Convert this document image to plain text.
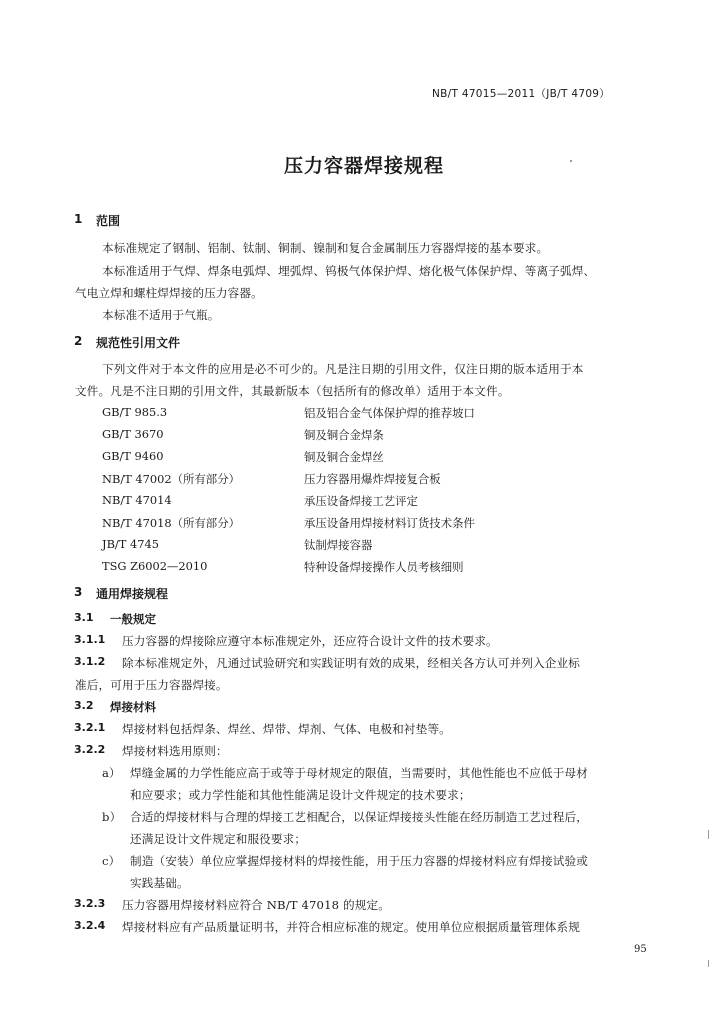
NB/T 47015—2011（JB/T 4709）
压力容器焊接规程
1 范围
本标准规定了钢制、铝制、钛制、铜制、镍制和复合金属制压力容器焊接的基本要求。
本标准适用于气焊、焊条电弧焊、埋弧焊、钨极气体保护焊、熔化极气体保护焊、等离子弧焊、
气电立焊和螺柱焊焊接的压力容器。
本标准不适用于气瓶。
2 规范性引用文件
下列文件对于本文件的应用是必不可少的。凡是注日期的引用文件，仅注日期的版本适用于本
文件。凡是不注日期的引用文件，其最新版本（包括所有的修改单）适用于本文件。
GB/T 985.3	铝及铝合金气体保护焊的推荐坡口
GB/T 3670	铜及铜合金焊条
GB/T 9460	铜及铜合金焊丝
NB/T 47002（所有部分）	压力容器用爆炸焊接复合板
NB/T 47014	承压设备焊接工艺评定
NB/T 47018（所有部分）	承压设备用焊接材料订货技术条件
JB/T 4745	钛制焊接容器
TSG Z6002—2010	特种设备焊接操作人员考核细则
3 通用焊接规程
3.1 一般规定
3.1.1 压力容器的焊接除应遵守本标准规定外，还应符合设计文件的技术要求。
3.1.2 除本标准规定外，凡通过试验研究和实践证明有效的成果，经相关各方认可并列入企业标
准后，可用于压力容器焊接。
3.2 焊接材料
3.2.1 焊接材料包括焊条、焊丝、焊带、焊剂、气体、电极和衬垫等。
3.2.2 焊接材料选用原则：
a） 焊缝金属的力学性能应高于或等于母材规定的限值，当需要时，其他性能也不应低于母材
和应要求；或力学性能和其他性能满足设计文件规定的技术要求；
b） 合适的焊接材料与合理的焊接工艺相配合，以保证焊接接头性能在经历制造工艺过程后，
还满足设计文件规定和服役要求；
c） 制造（安装）单位应掌握焊接材料的焊接性能，用于压力容器的焊接材料应有焊接试验或
实践基础。
3.2.3 压力容器用焊接材料应符合 NB/T 47018 的规定。
3.2.4 焊接材料应有产品质量证明书，并符合相应标准的规定。使用单位应根据质量管理体系规
95
